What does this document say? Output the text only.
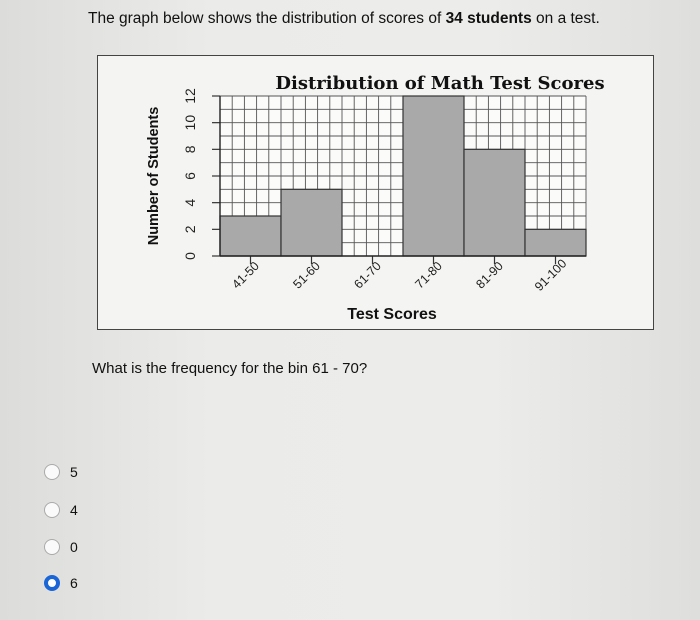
The graph below shows the distribution of scores of 34 students on a test.
0
2
4
6
8
10
12
41-50 51-60 61-70 71-80 81-90 91-100
Distribution of Math Test Scores
Number of Students
Test Scores
What is the frequency for the bin 61 - 70?
5
4
0
6
